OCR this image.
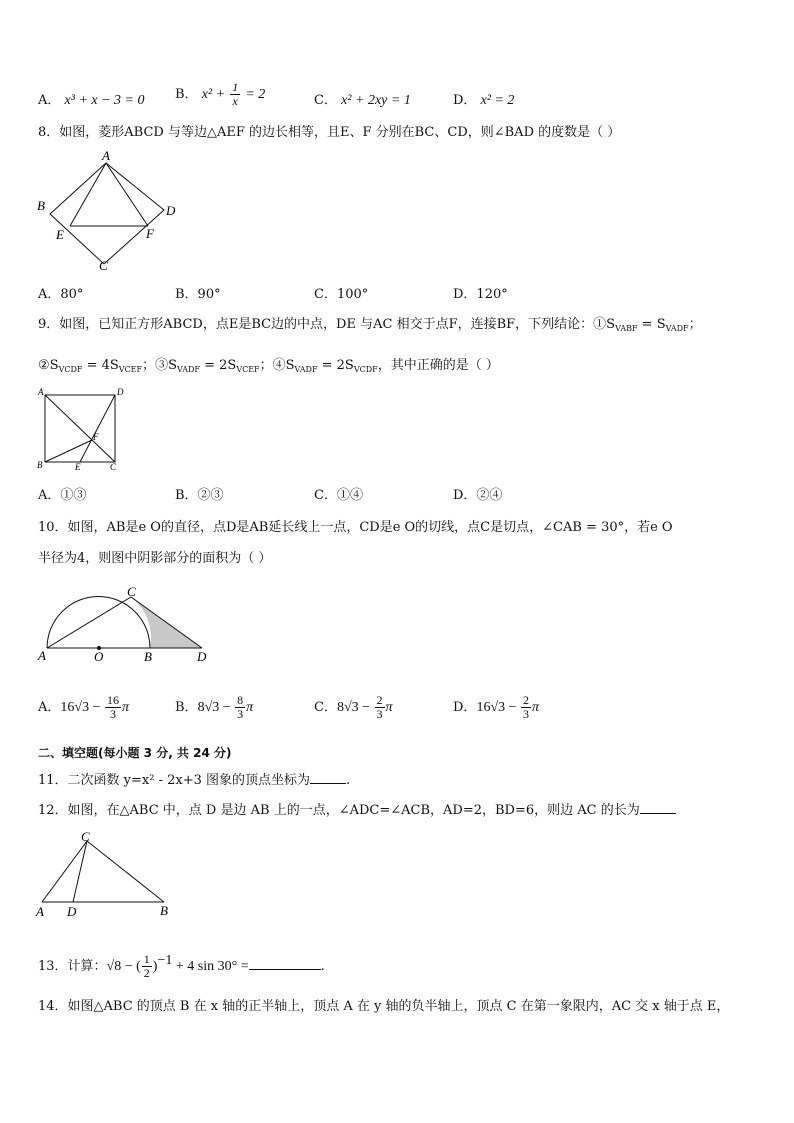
A． x³ + x − 3 = 0 B． $x^2 + \frac{1}{x} = 2$	C． x² + 2xy = 1	D． x² = 2
8．如图，菱形ABCD 与等边△AEF 的边长相等，且E、F 分别在BC、CD，则∠BAD 的度数是（ ）
A
B
C
D
E	F
A．80°	B．90°	C．100°	D．120°
9．如图，已知正方形ABCD，点E是BC边的中点，DE 与AC 相交于点F，连接BF，下列结论：$①S_{VABF} = S_{VADF}$；
$②S_{VCDF} = 4S_{VCEF}$；$③S_{VADF} = 2S_{VCEF}$；$④S_{VADF} = 2S_{VCDF}$，其中正确的是（ ）
A	D
B	E	C
F
A．①③	B．②③	C．①④	D．②④
10．如图，AB是e O的直径，点D是AB延长线上一点，CD是e O的切线，点C是切点，∠CAB = 30°，若e O
半径为4，则图中阴影部分的面积为（ ）
A	O	B
C
D
A．$16√3 - \frac{16}{3}$ π	B．$8√3 - \frac{8}{3}$ π	C．$8√3 - \frac{2}{3}$ π	D．$16√3 - \frac{2}{3}$ π
二、填空题(每小题 3 分, 共 24 分)
11．二次函数 y=x² - 2x+3 图象的顶点坐标为	.
12．如图，在△ABC 中，点 D 是边 AB 上的一点，∠ADC=∠ACB，AD=2，BD=6，则边 AC 的长为
C
A D	B
13．计算：√8 − ( $\frac{1}{2} )^{-1} + 4$ sin 30° =	.
14．如图△ABC 的顶点 B 在 x 轴的正半轴上，顶点 A 在 y 轴的负半轴上，顶点 C 在第一象限内，AC 交 x 轴于点 E，
